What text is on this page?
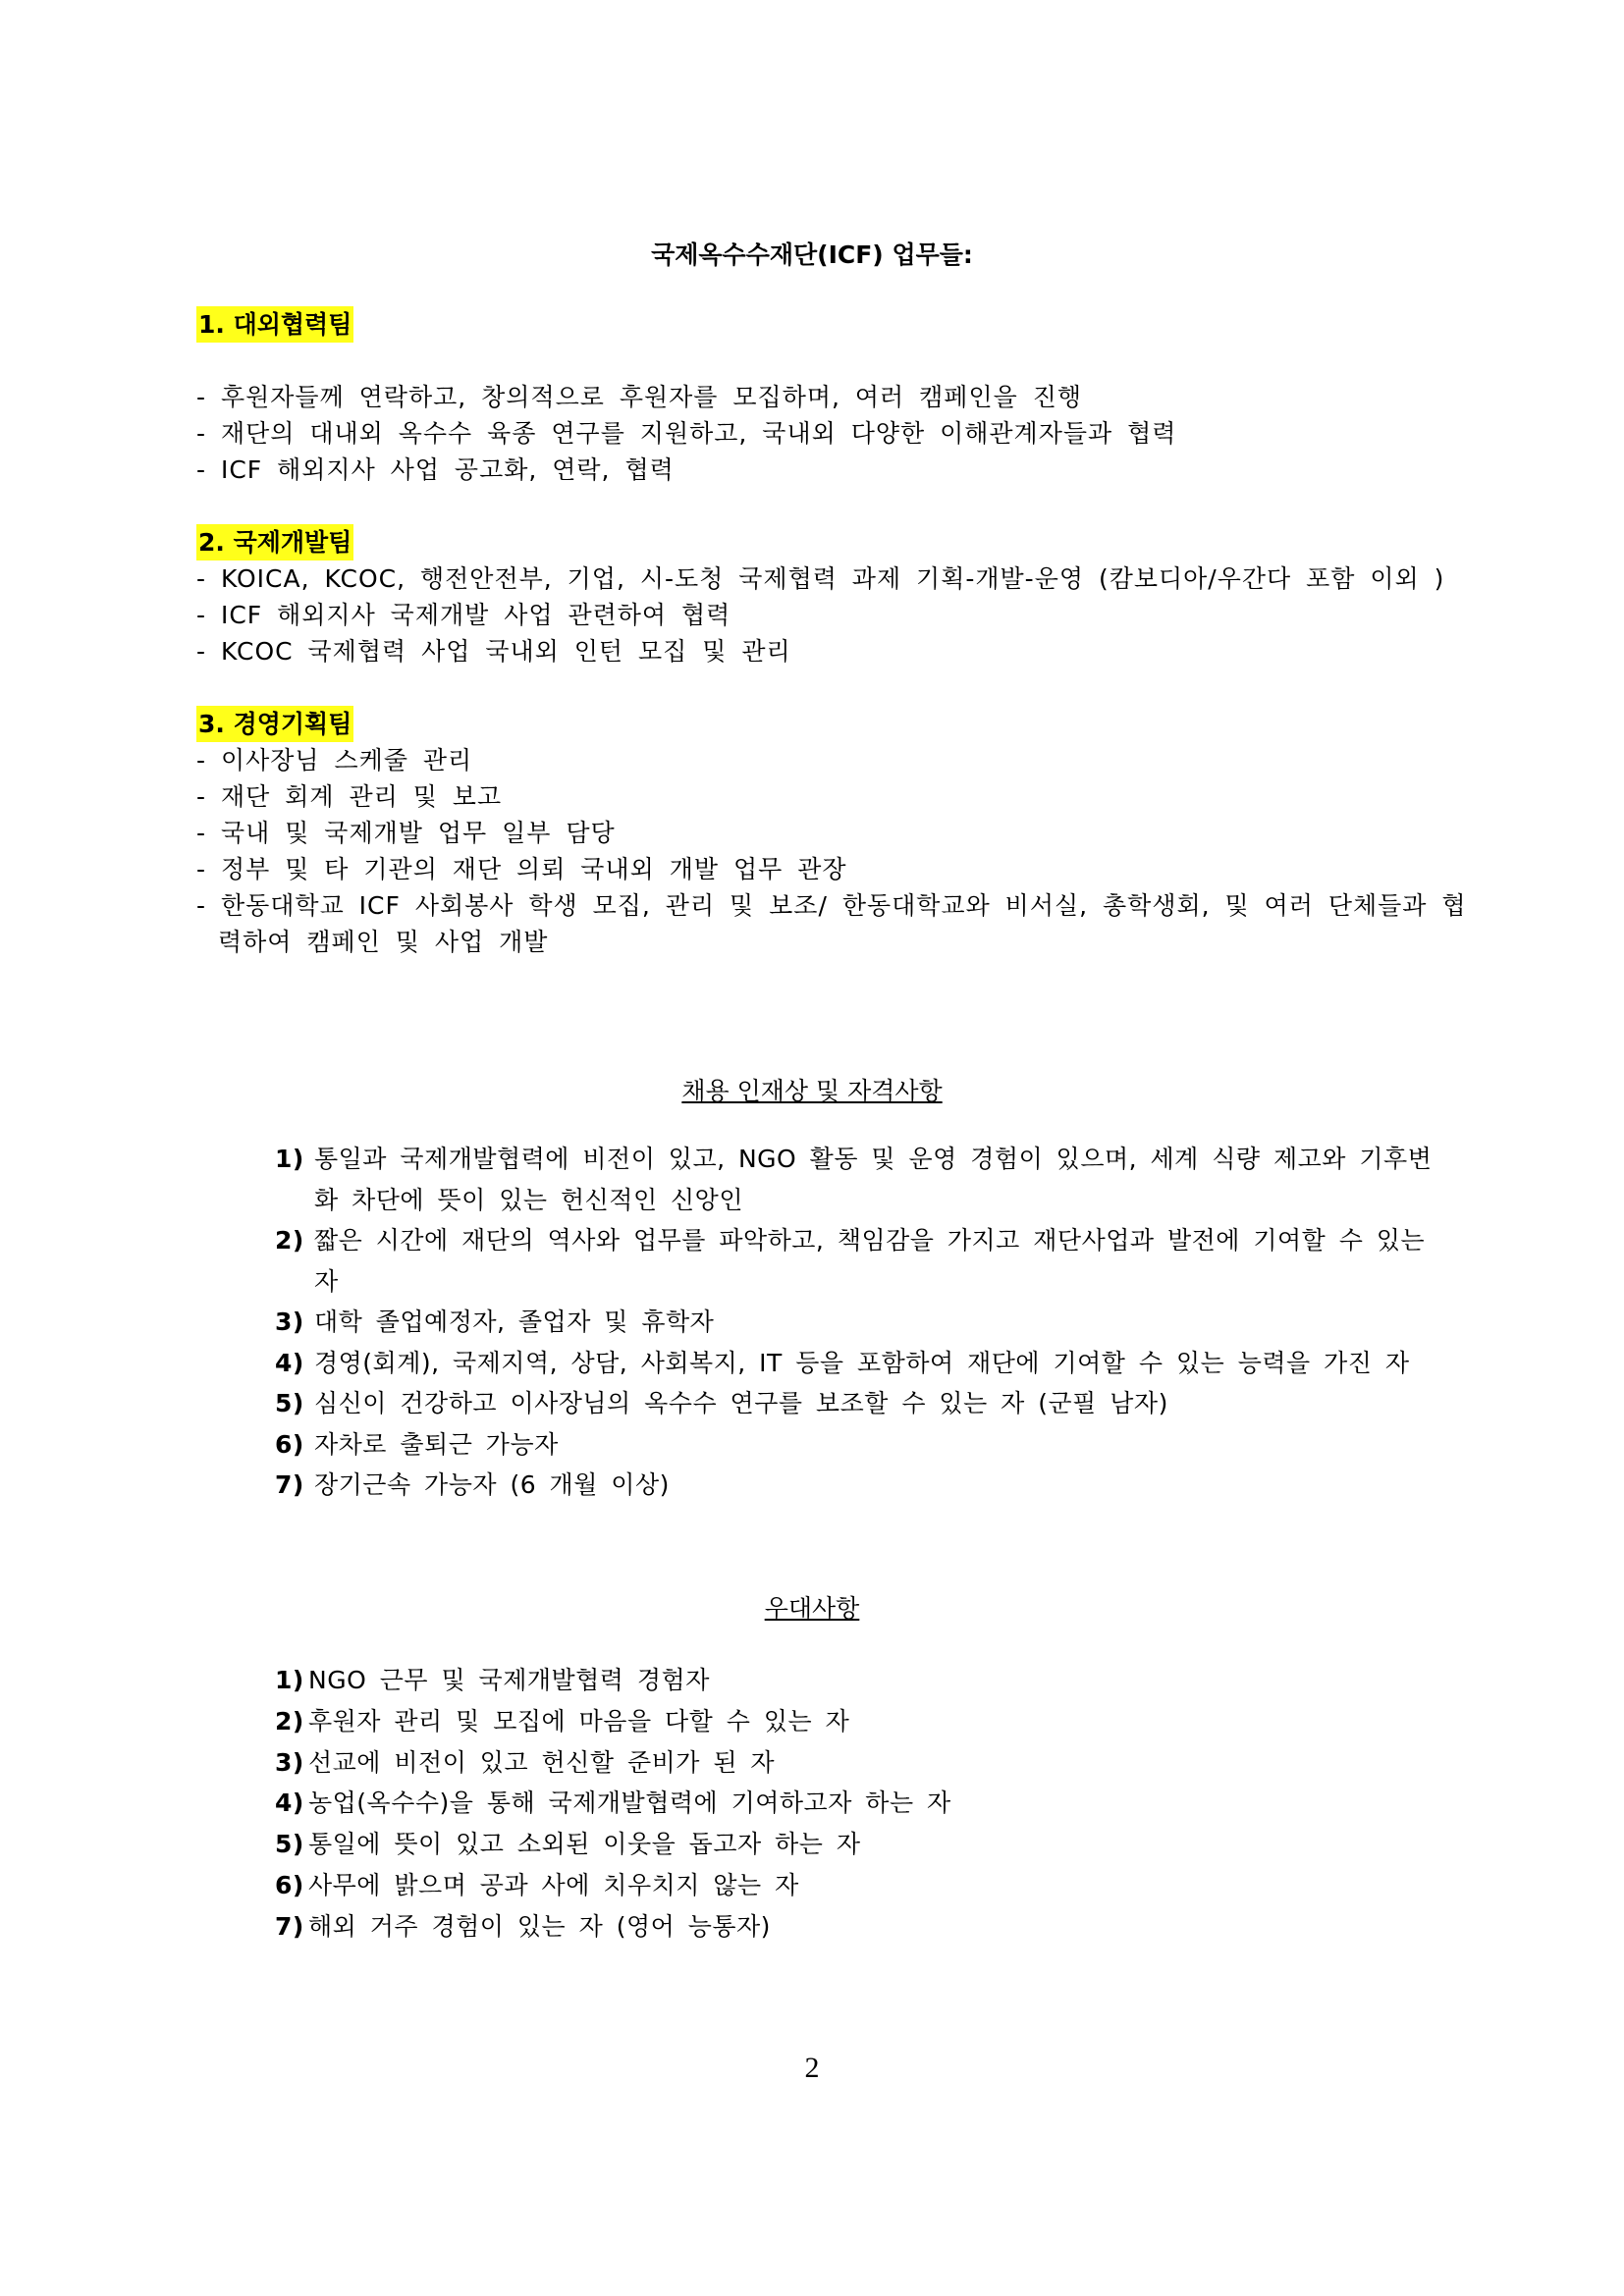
국제옥수수재단(ICF) 업무들:
1. 대외협력팀
- 후원자들께 연락하고, 창의적으로 후원자를 모집하며, 여러 캠페인을 진행
- 재단의 대내외 옥수수 육종 연구를 지원하고, 국내외 다양한 이해관계자들과 협력
- ICF 해외지사 사업 공고화, 연락, 협력
2. 국제개발팀
- KOICA, KCOC, 행전안전부, 기업, 시-도청 국제협력 과제 기획-개발-운영 (캄보디아/우간다 포함 이외 )
- ICF 해외지사 국제개발 사업 관련하여 협력
- KCOC 국제협력 사업 국내외 인턴 모집 및 관리
3. 경영기획팀
- 이사장님 스케줄 관리
- 재단 회계 관리 및 보고
- 국내 및 국제개발 업무 일부 담당
- 정부 및 타 기관의 재단 의뢰 국내외 개발 업무 관장
- 한동대학교 ICF 사회봉사 학생 모집, 관리 및 보조/ 한동대학교와 비서실, 총학생회, 및 여러 단체들과 협력하여 캠페인 및 사업 개발
채용 인재상 및 자격사항
1) 통일과 국제개발협력에 비전이 있고, NGO 활동 및 운영 경험이 있으며, 세계 식량 제고와 기후변화 차단에 뜻이 있는 헌신적인 신앙인
2) 짧은 시간에 재단의 역사와 업무를 파악하고, 책임감을 가지고 재단사업과 발전에 기여할 수 있는 자
3) 대학 졸업예정자, 졸업자 및 휴학자
4) 경영(회계), 국제지역, 상담, 사회복지, IT 등을 포함하여 재단에 기여할 수 있는 능력을 가진 자
5) 심신이 건강하고 이사장님의 옥수수 연구를 보조할 수 있는 자 (군필 남자)
6) 자차로 출퇴근 가능자
7) 장기근속 가능자 (6 개월 이상)
우대사항
1) NGO 근무 및 국제개발협력 경험자
2) 후원자 관리 및 모집에 마음을 다할 수 있는 자
3) 선교에 비전이 있고 헌신할 준비가 된 자
4) 농업(옥수수)을 통해 국제개발협력에 기여하고자 하는 자
5) 통일에 뜻이 있고 소외된 이웃을 돕고자 하는 자
6) 사무에 밝으며 공과 사에 치우치지 않는 자
7) 해외 거주 경험이 있는 자 (영어 능통자)
2
